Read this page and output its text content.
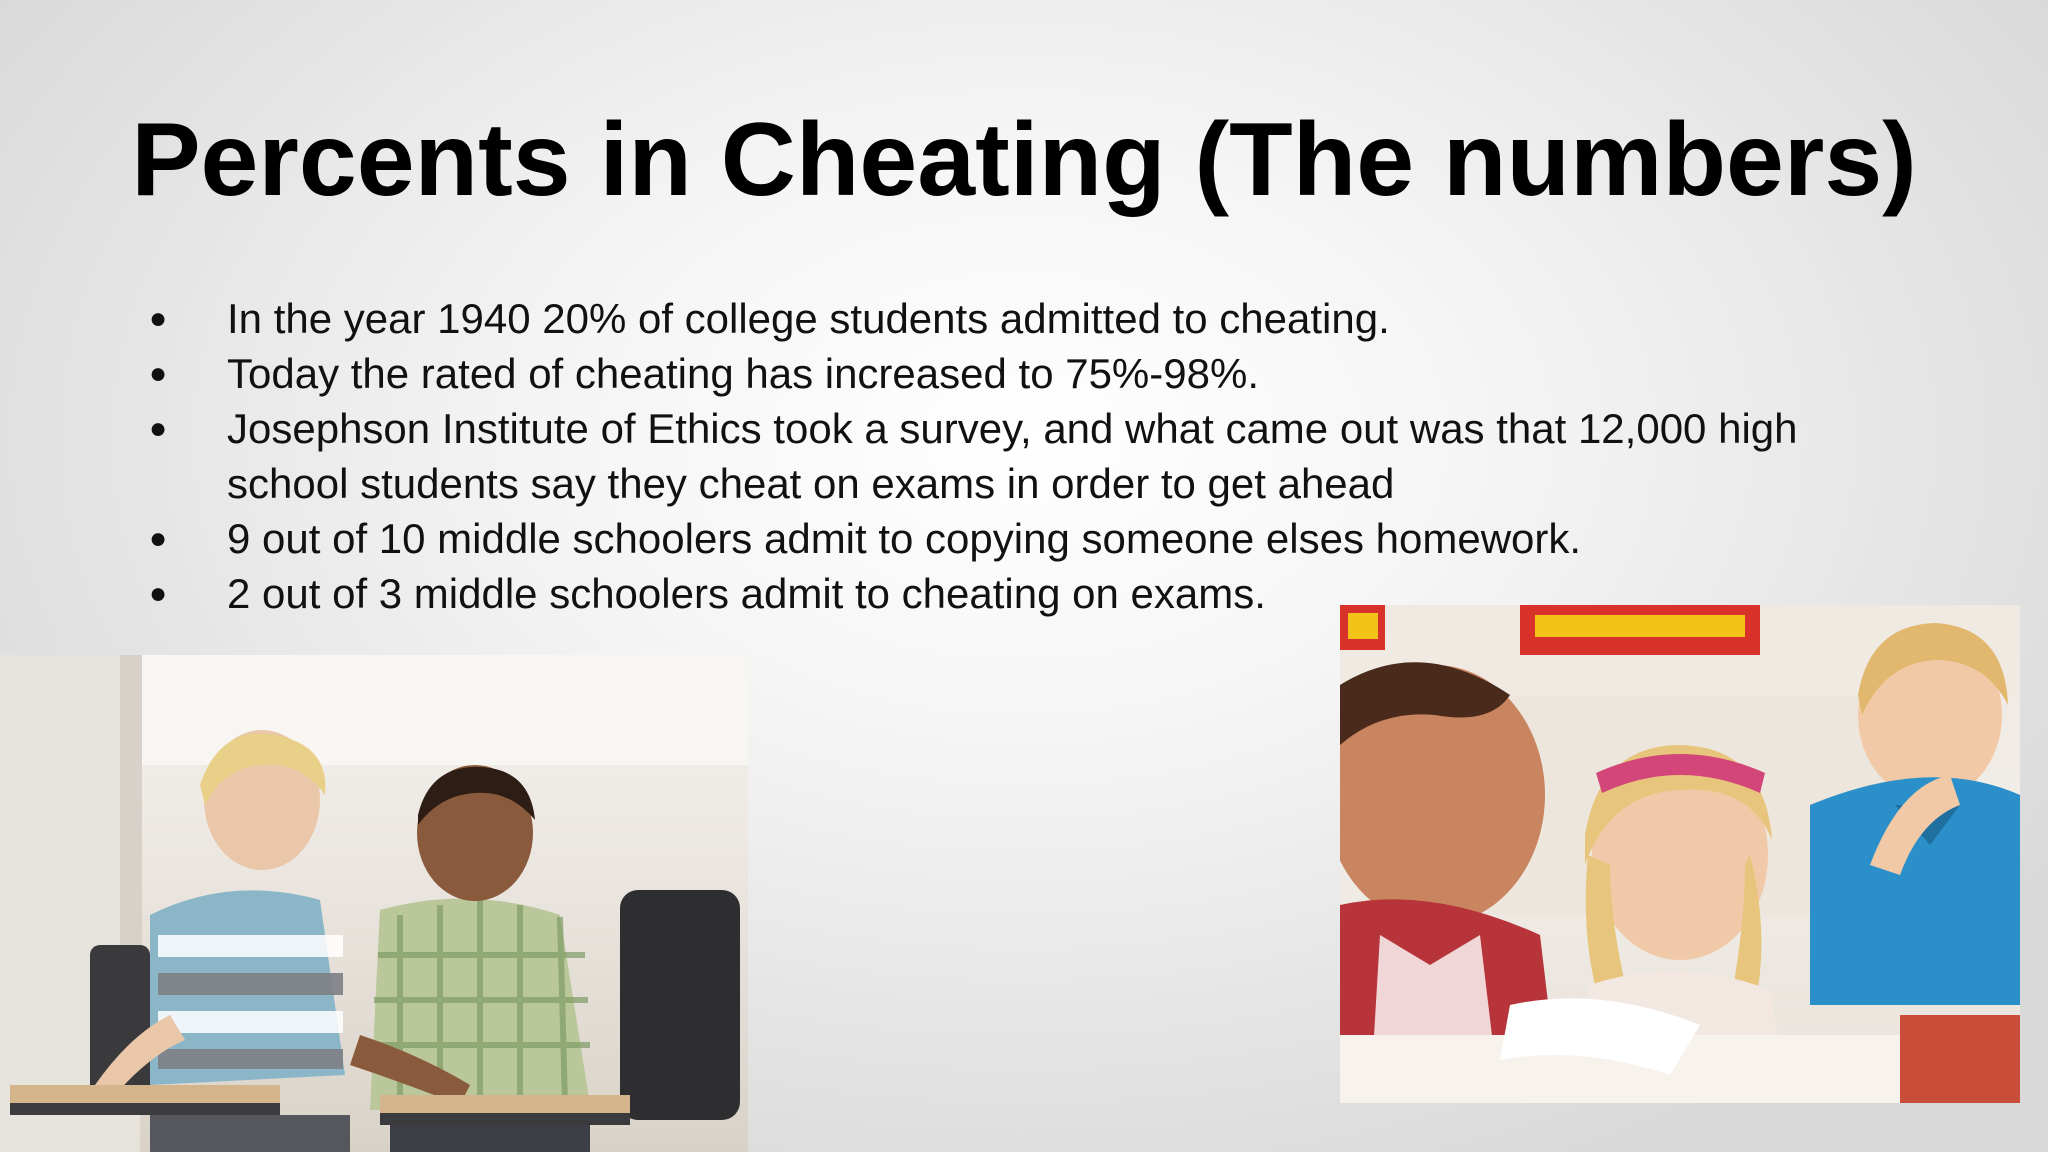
Percents in Cheating (The numbers)
● In the year 1940 20% of college students admitted to cheating.
● Today the rated of cheating has increased to 75%-98%.
● Josephson Institute of Ethics took a survey, and what came out was that 12,000 high school students say they cheat on exams in order to get ahead
● 9 out of 10 middle schoolers admit to copying someone elses homework.
● 2 out of 3 middle schoolers admit to cheating on exams.
